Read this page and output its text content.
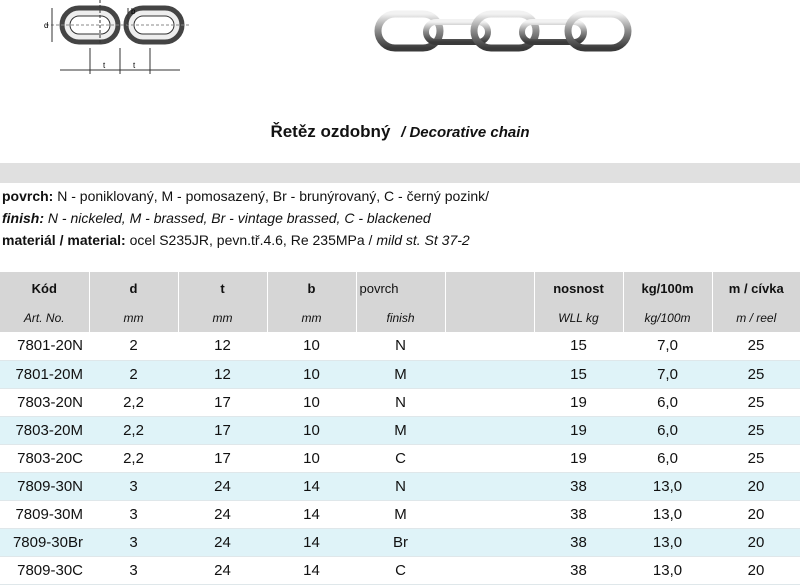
d
b
t	t
Řetěz ozdobný / Decorative chain
povrch: N - poniklovaný, M - pomosazený, Br - brunýrovaný, C - černý pozink/
finish: N - nickeled, M - brassed, Br - vintage brassed, C - blackened
materiál / material: ocel S235JR, pevn.tř.4.6, Re 235MPa / mild st. St 37-2
Kód	d	t	b	povrch		nosnost	kg/100m	m / cívka
Art. No.	mm	mm	mm	finish		WLL kg	kg/100m	m / reel
7801-20N	2	12	10	N		15	7,0	25
7801-20M	2	12	10	M		15	7,0	25
7803-20N	2,2	17	10	N		19	6,0	25
7803-20M	2,2	17	10	M		19	6,0	25
7803-20C	2,2	17	10	C		19	6,0	25
7809-30N	3	24	14	N		38	13,0	20
7809-30M	3	24	14	M		38	13,0	20
7809-30Br	3	24	14	Br		38	13,0	20
7809-30C	3	24	14	C		38	13,0	20
